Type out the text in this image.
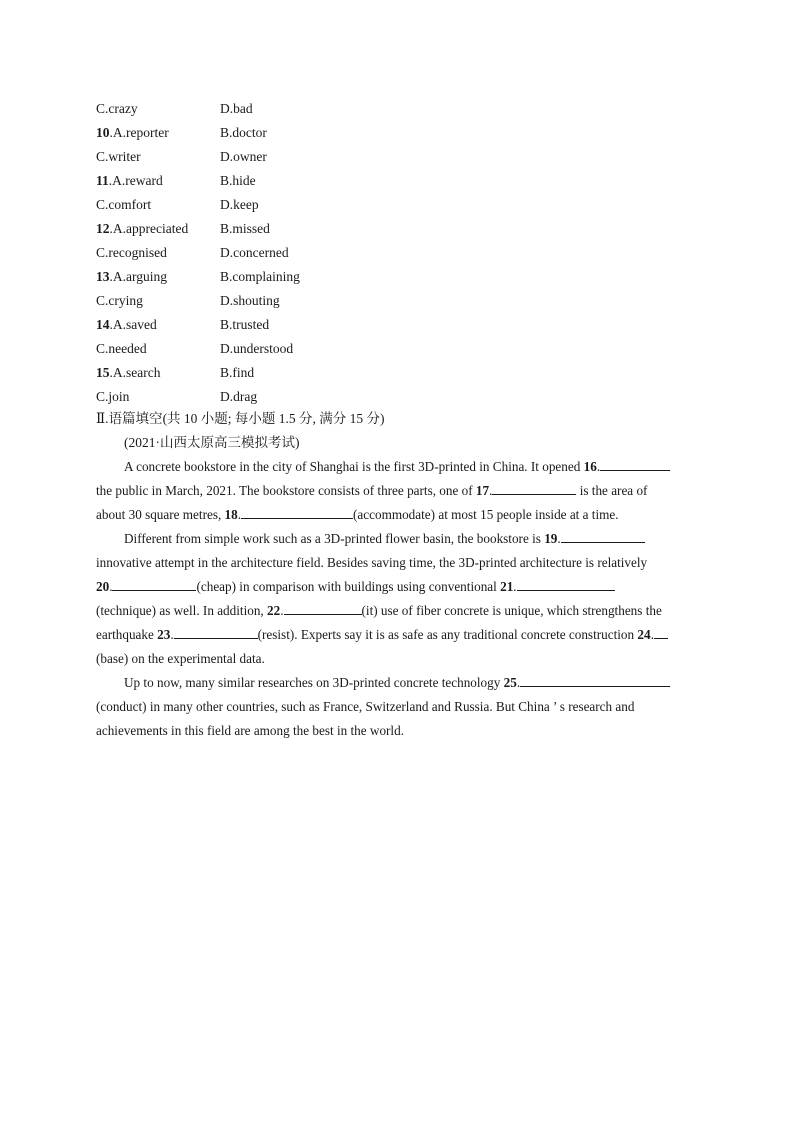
C.crazy	D.bad
10.A.reporter	B.doctor
C.writer	D.owner
11.A.reward	B.hide
C.comfort	D.keep
12.A.appreciated B.missed
C.recognised	D.concerned
13.A.arguing	B.complaining
C.crying	D.shouting
14.A.saved	B.trusted
C.needed	D.understood
15.A.search	B.find
C.join	D.drag
Ⅱ.语篇填空(共 10 小题; 每小题 1.5 分, 满分 15 分)
(2021·山西太原高三模拟考试)
A concrete bookstore in the city of Shanghai is the first 3D-printed in China. It opened 16.
the public in March, 2021. The bookstore consists of three parts, one of 17.	is the area of
about 30 square metres, 18.	(accommodate) at most 15 people inside at a time.
Different from simple work such as a 3D-printed flower basin, the bookstore is 19.
innovative attempt in the architecture field. Besides saving time, the 3D-printed architecture is relatively
20.	(cheap) in comparison with buildings using conventional 21.
(technique) as well. In addition, 22.	(it) use of fiber concrete is unique, which strengthens the
earthquake 23.	(resist). Experts say it is as safe as any traditional concrete construction 24.
(base) on the experimental data.
Up to now, many similar researches on 3D-printed concrete technology 25.
(conduct) in many other countries, such as France, Switzerland and Russia. But China ’ s research and
achievements in this field are among the best in the world.
